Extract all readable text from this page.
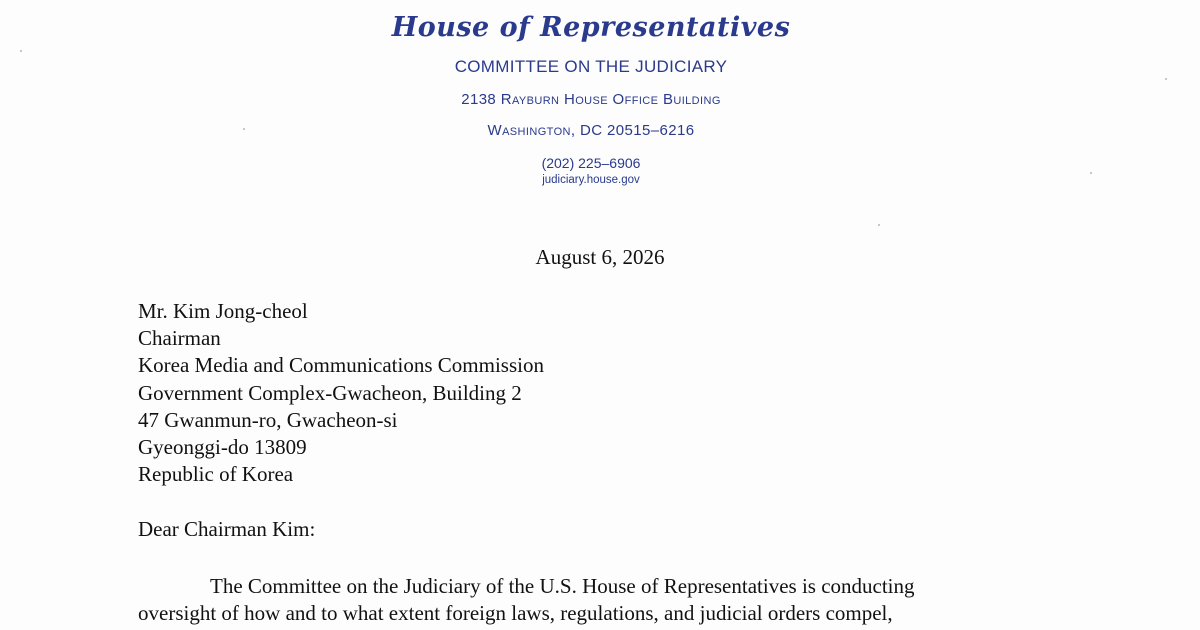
House of Representatives
COMMITTEE ON THE JUDICIARY
2138 Rayburn House Office Building
Washington, DC 20515–6216
(202) 225–6906
judiciary.house.gov
August 6, 2026
Mr. Kim Jong-cheol
Chairman
Korea Media and Communications Commission
Government Complex-Gwacheon, Building 2
47 Gwanmun-ro, Gwacheon-si
Gyeonggi-do 13809
Republic of Korea
Dear Chairman Kim:
The Committee on the Judiciary of the U.S. House of Representatives is conducting
oversight of how and to what extent foreign laws, regulations, and judicial orders compel,
